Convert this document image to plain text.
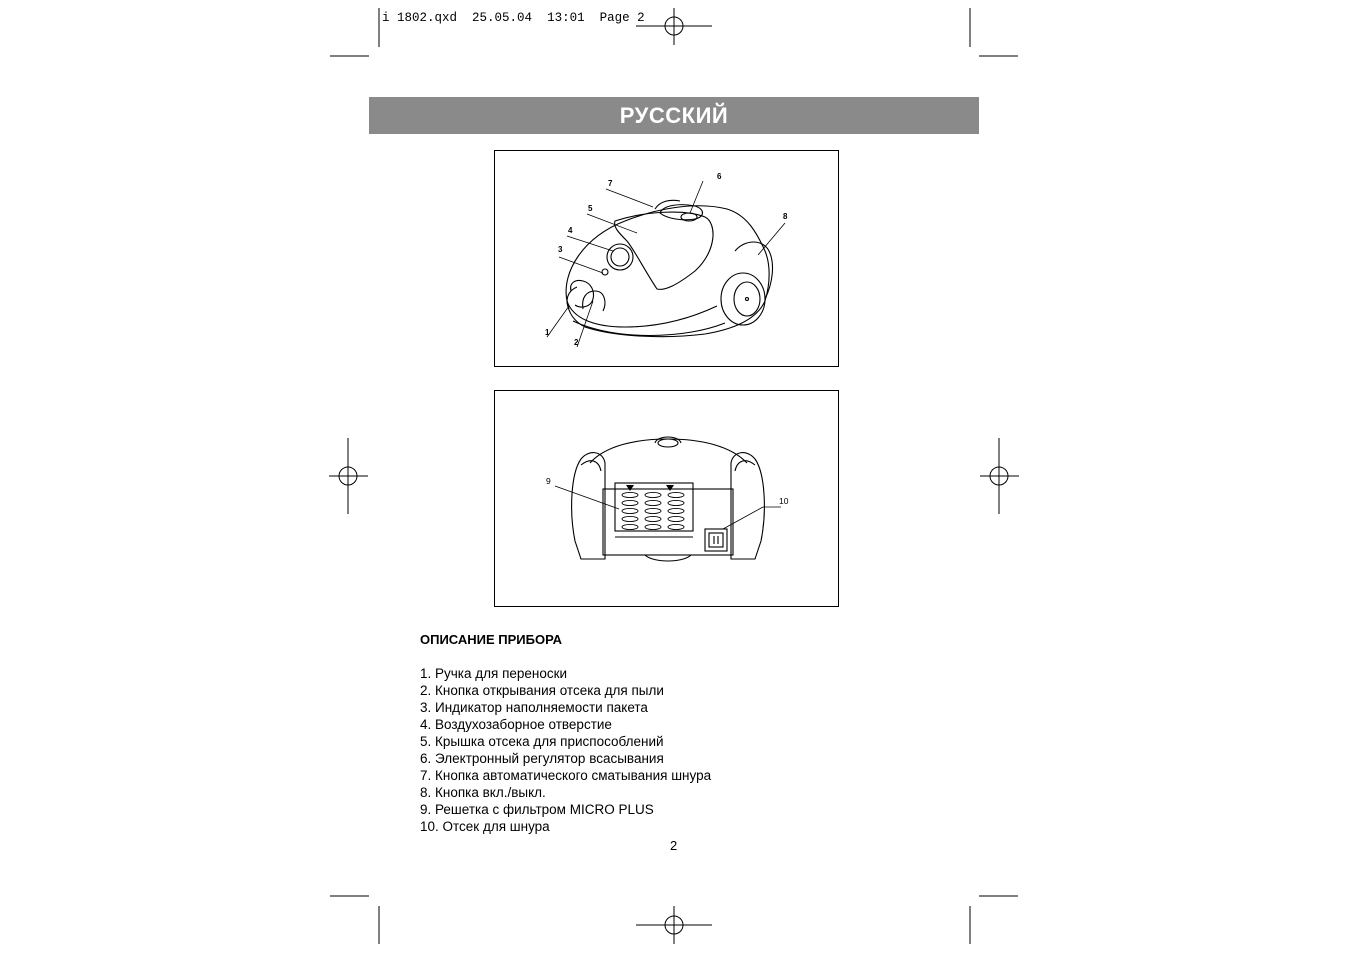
i 1802.qxd 25.05.04 13:01 Page 2
РУССКИЙ
7
6
5
8
4
3
1
2
9
10
ОПИСАНИЕ ПРИБОРА
1. Ручка для переноски
2. Кнопка открывания отсека для пыли
3. Индикатор наполняемости пакета
4. Воздухозаборное отверстие
5. Крышка отсека для приспособлений
6. Электронный регулятор всасывания
7. Кнопка автоматического сматывания шнура
8. Кнопка вкл./выкл.
9. Решетка с фильтром MICRO PLUS
10. Отсек для шнура
2
